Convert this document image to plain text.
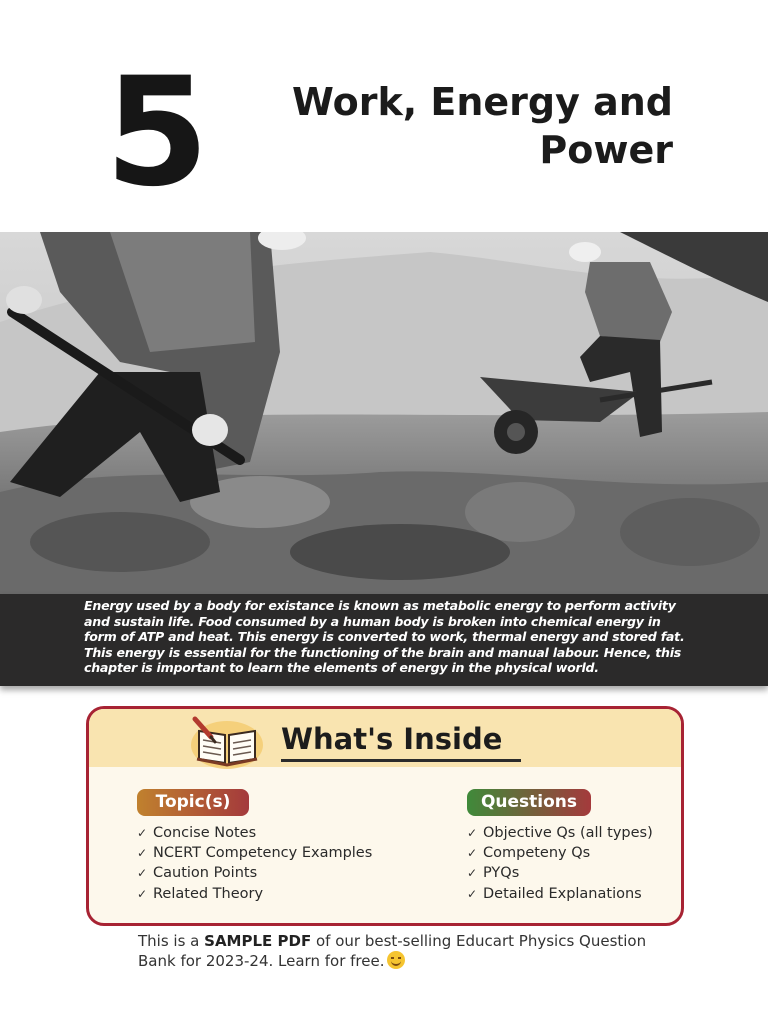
5	Work, Energy and
Power
Energy used by a body for existance is known as metabolic energy to perform activity and sustain life. Food consumed by a human body is broken into chemical energy in form of ATP and heat. This energy is converted to work, thermal energy and stored fat. This energy is essential for the functioning of the brain and manual labour. Hence, this chapter is important to learn the elements of energy in the physical world.
What's Inside
Topic(s)	Questions
✓ Concise Notes
✓ NCERT Competency Examples
✓ Caution Points
✓ Related Theory
✓ Objective Qs (all types)
✓ Competeny Qs
✓ PYQs
✓ Detailed Explanations
This is a SAMPLE PDF of our best-selling Educart Physics Question Bank for 2023-24. Learn for free.
